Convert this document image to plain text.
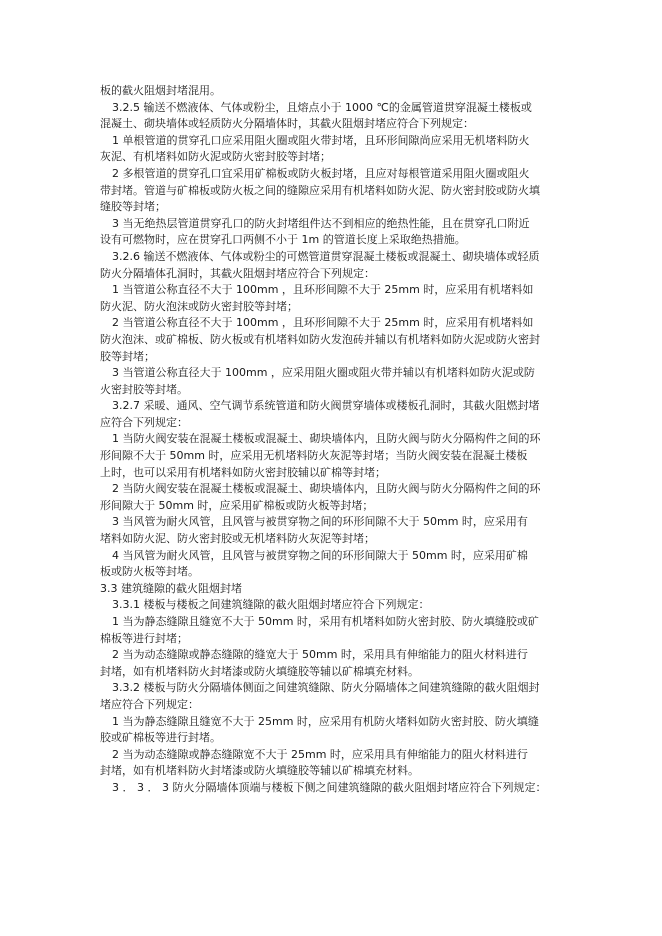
板的截火阻烟封堵混用。
3.2.5 输送不燃液体、气体或粉尘，且熔点小于 1000 ℃的金属管道贯穿混凝土楼板或
混凝土、砌块墙体或轻质防火分隔墙体时，其截火阻烟封堵应符合下列规定：
1 单根管道的贯穿孔口应采用阻火圈或阻火带封堵，且环形间隙尚应采用无机堵料防火
灰泥、有机堵料如防火泥或防火密封胶等封堵；
2 多根管道的贯穿孔口宜采用矿棉板或防火板封堵，且应对每根管道采用阻火圈或阻火
带封堵。管道与矿棉板或防火板之间的缝隙应采用有机堵料如防火泥、防火密封胶或防火填
缝胶等封堵；
3 当无绝热层管道贯穿孔口的防火封堵组件达不到相应的绝热性能，且在贯穿孔口附近
设有可燃物时，应在贯穿孔口两侧不小于 1m 的管道长度上采取绝热措施。
3.2.6 输送不燃液体、气体或粉尘的可燃管道贯穿混凝土楼板或混凝土、砌块墙体或轻质
防火分隔墙体孔洞时，其截火阻烟封堵应符合下列规定：
1 当管道公称直径不大于 100mm ，且环形间隙不大于 25mm 时，应采用有机堵料如
防火泥、防火泡沫或防火密封胶等封堵；
2 当管道公称直径不大于 100mm ，且环形间隙不大于 25mm 时，应采用有机堵料如
防火泡沫、或矿棉板、防火板或有机堵料如防火发泡砖并辅以有机堵料如防火泥或防火密封
胶等封堵；
3 当管道公称直径大于 100mm ，应采用阻火圈或阻火带并辅以有机堵料如防火泥或防
火密封胶等封堵。
3.2.7 采暖、通风、空气调节系统管道和防火阀贯穿墙体或楼板孔洞时，其截火阻燃封堵
应符合下列规定：
1 当防火阀安装在混凝土楼板或混凝土、砌块墙体内，且防火阀与防火分隔构件之间的环
形间隙不大于 50mm 时，应采用无机堵料防火灰泥等封堵；当防火阀安装在混凝土楼板
上时，也可以采用有机堵料如防火密封胶辅以矿棉等封堵；
2 当防火阀安装在混凝土楼板或混凝土、砌块墙体内，且防火阀与防火分隔构件之间的环
形间隙大于 50mm 时，应采用矿棉板或防火板等封堵；
3 当风管为耐火风管，且风管与被贯穿物之间的环形间隙不大于 50mm 时，应采用有
堵料如防火泥、防火密封胶或无机堵料防火灰泥等封堵；
4 当风管为耐火风管，且风管与被贯穿物之间的环形间隙大于 50mm 时，应采用矿棉
板或防火板等封堵。
3.3 建筑缝隙的截火阻烟封堵
3.3.1 楼板与楼板之间建筑缝隙的截火阻烟封堵应符合下列规定：
1 当为静态缝隙且缝宽不大于 50mm 时，采用有机堵料如防火密封胶、防火填缝胶或矿
棉板等进行封堵；
2 当为动态缝隙或静态缝隙的缝宽大于 50mm 时，采用具有伸缩能力的阻火材料进行
封堵，如有机堵料防火封堵漆或防火填缝胶等辅以矿棉填充材料。
3.3.2 楼板与防火分隔墙体侧面之间建筑缝隙、防火分隔墙体之间建筑缝隙的截火阻烟封
堵应符合下列规定：
1 当为静态缝隙且缝宽不大于 25mm 时，应采用有机防火堵料如防火密封胶、防火填缝
胶或矿棉板等进行封堵。
2 当为动态缝隙或静态缝隙宽不大于 25mm 时，应采用具有伸缩能力的阻火材料进行
封堵，如有机堵料防火封堵漆或防火填缝胶等辅以矿棉填充材料。
3 ． 3 ． 3 防火分隔墙体顶端与楼板下侧之间建筑缝隙的截火阻烟封堵应符合下列规定：
